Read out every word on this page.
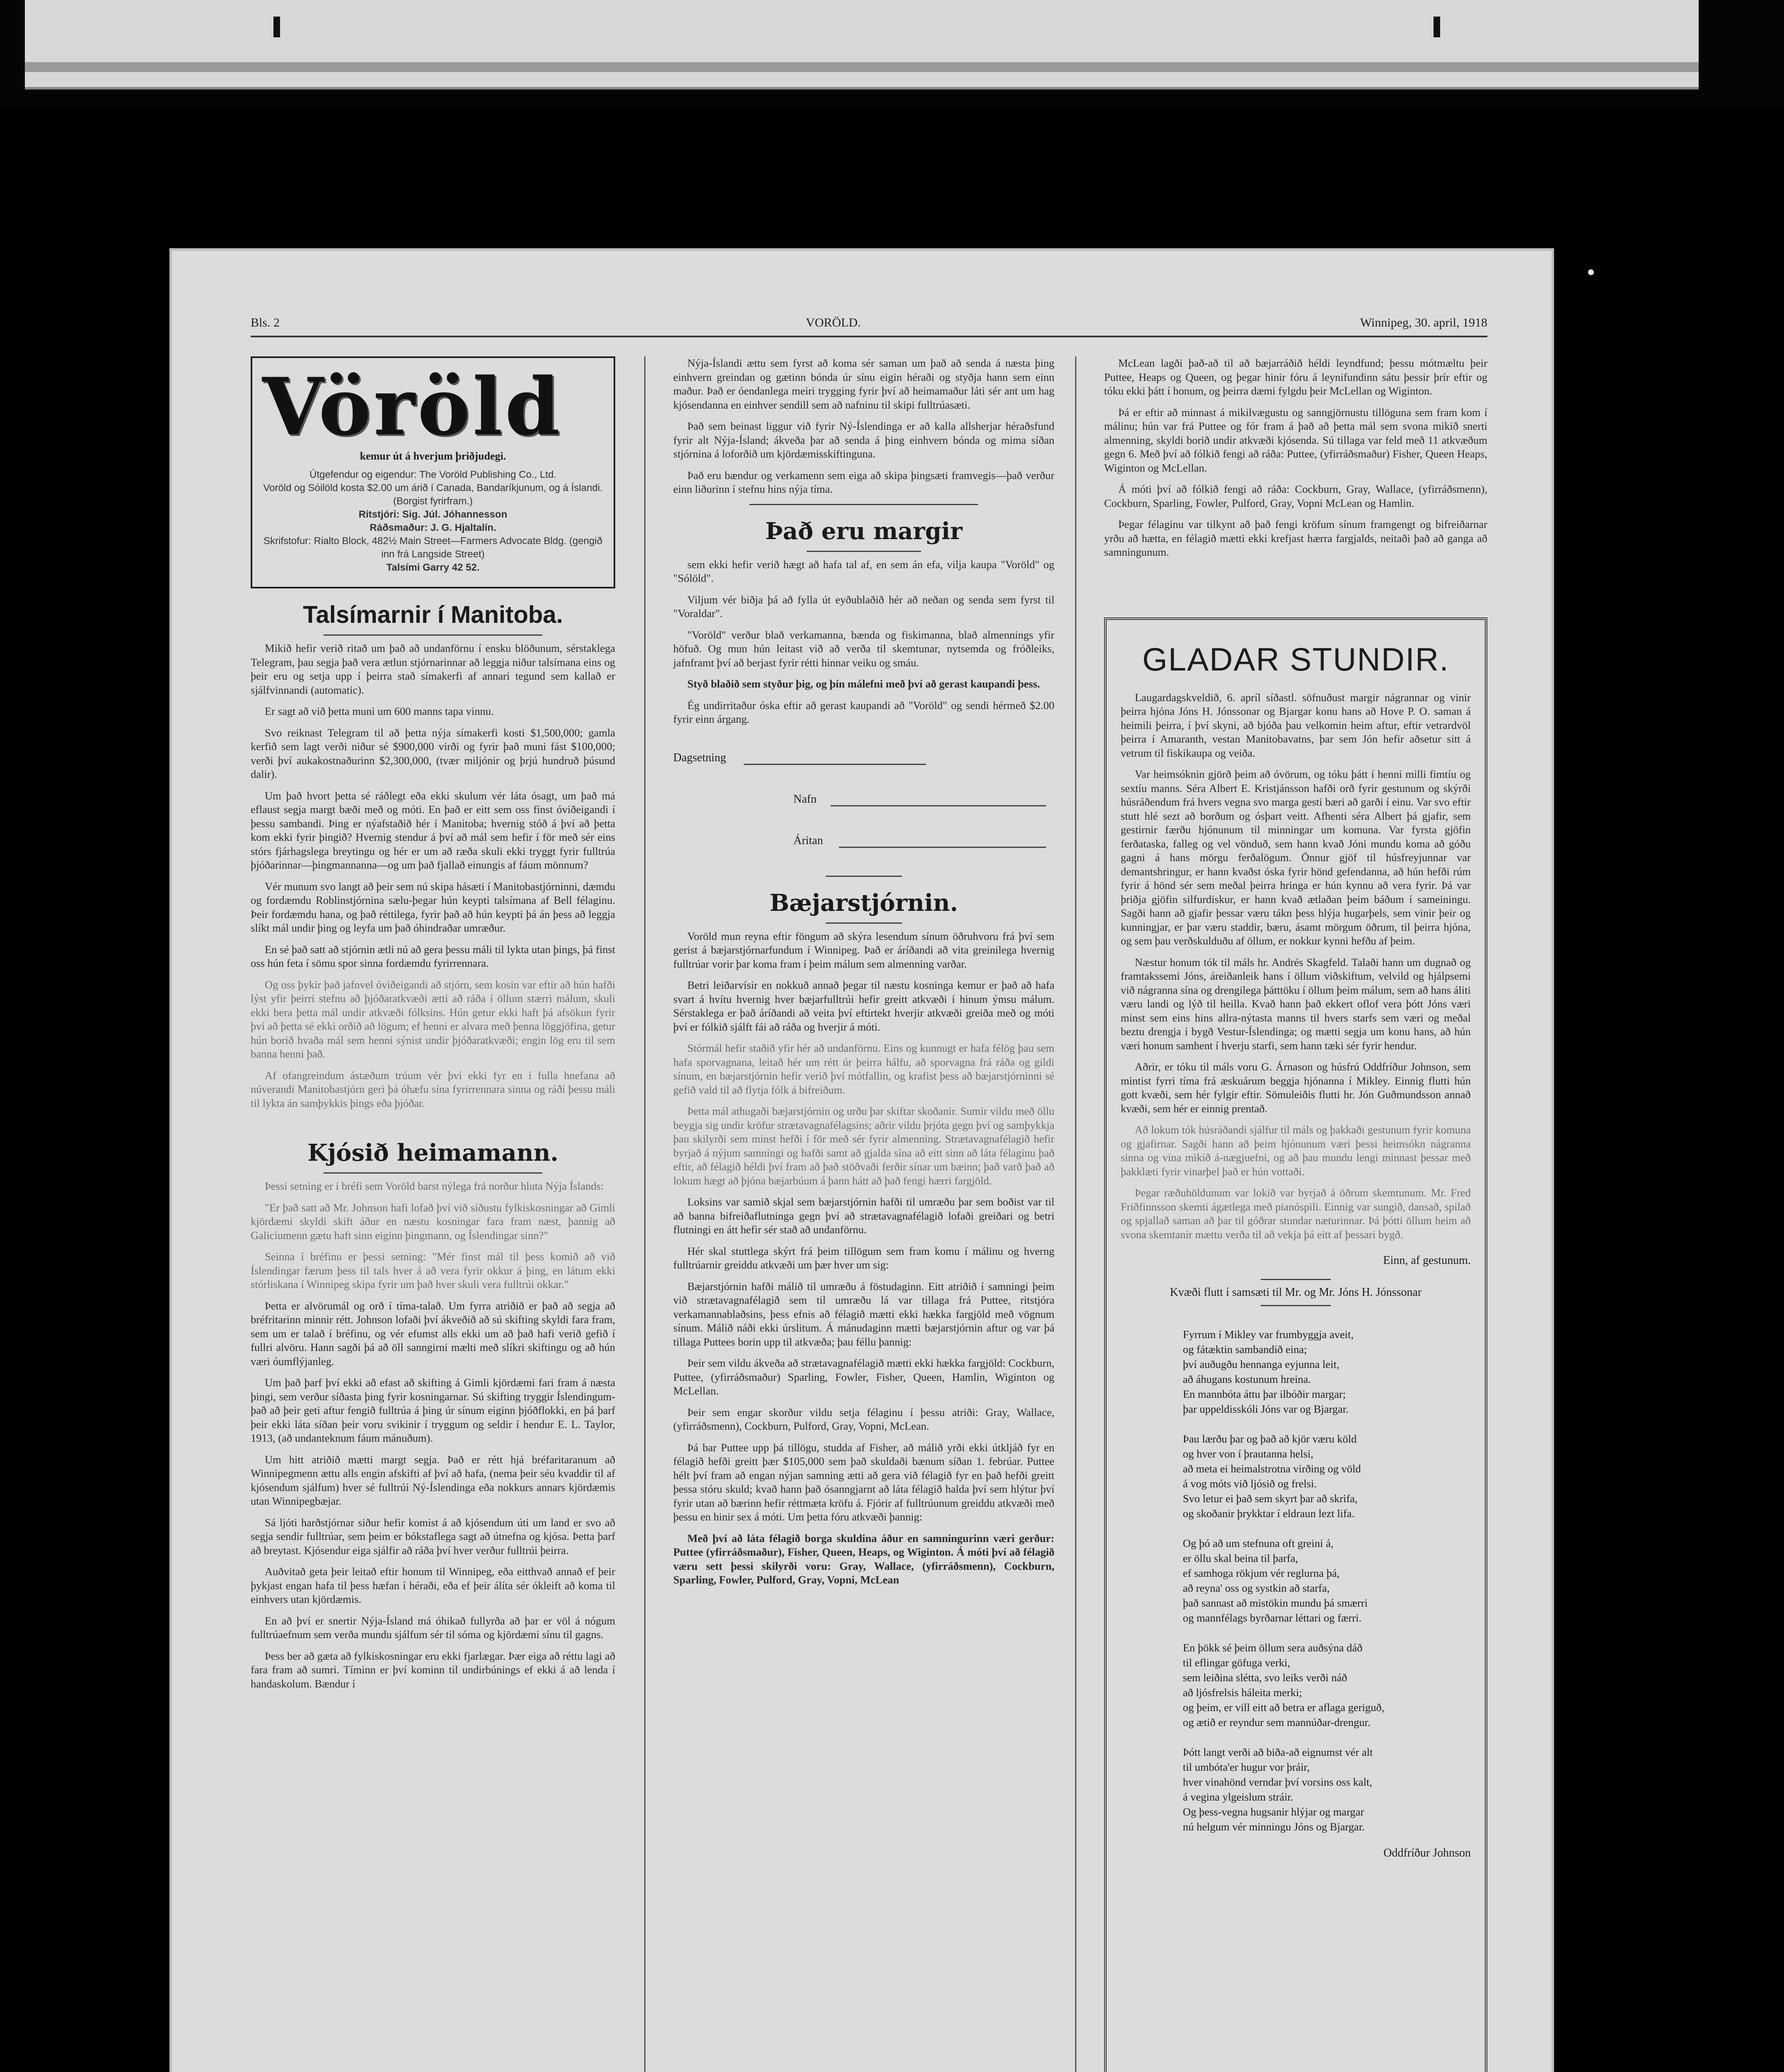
Bls. 2	VORÖLD.	Winnipeg, 30. april, 1918
Vöröld
kemur út á hverjum þriðjudegi.
Útgefendur og eigendur: The Voröld Publishing Co., Ltd.
Voröld og Sóilöld kosta $2.00 um árið í Canada, Bandaríkjunum, og á Íslandi. (Borgist fyrirfram.)
Ritstjóri: Sig. Júl. Jóhannesson
Ráðsmaður: J. G. Hjaltalín.
Skrifstofur: Rialto Block, 482½ Main Street—Farmers Advocate Bldg. (gengið inn frá Langside Street)
Talsími Garry 42 52.
Talsímarnir í Manitoba.

Mikið hefir verið ritað um það að undanförnu í ensku blöðunum, sérstaklega Telegram, þau segja það vera ætlun stjórnarinnar að leggja niður talsímana eins og þeir eru og setja upp í þeirra stað símakerfi af annari tegund sem kallað er sjálfvinnandi (automatic).

Er sagt að við þetta muni um 600 manns tapa vinnu.

Svo reiknast Telegram til að þetta nýja símakerfi kosti $1,500,000; gamla kerfið sem lagt verði niður sé $900,000 virði og fyrir það muni fást $100,000; verði því aukakostnaðurinn $2,300,000, (tvær miljónir og þrjú hundruð þúsund dalir).

Um það hvort þetta sé ráðlegt eða ekki skulum vér láta ósagt, um það má eflaust segja margt bæði með og móti. En það er eitt sem oss finst óviðeigandi í þessu sambandi. Þing er nýafstaðið hér í Manitoba; hvernig stóð á því að þetta kom ekki fyrir þingið? Hvernig stendur á því að mál sem hefir í för með sér eins stórs fjárhagslega breytingu og hér er um að ræða skuli ekki tryggt fyrir fulltrúa þjóðarinnar—þingmannanna—og um það fjallað einungis af fáum mönnum?

Vér munum svo langt að þeir sem nú skipa hásæti í Manitobastjórninni, dæmdu og fordæmdu Roblinstjórnina sælu-þegar hún keypti talsímana af Bell félaginu. Þeir fordæmdu hana, og það réttilega, fyrir það að hún keypti þá án þess að leggja slíkt mál undir þing og leyfa um það óhindraðar umræður.

En sé það satt að stjórnin ætli nú að gera þessu máli til lykta utan þings, þá finst oss hún feta í sömu spor sinna fordæmdu fyrirrennara.

Og oss þykir það jafnvel óviðeigandi að stjórn, sem kosin var eftir að hún hafði lýst yfir þeirri stefnu að þjóðaratkvæði ætti að ráða í öllum stærri málum, skuli ekki bera þetta mál undir atkvæði fólksins. Hún getur ekki haft þá afsökun fyrir því að þetta sé ekki orðið að lögum; ef henni er alvara með þenna löggjöfina, getur hún borið hvaða mál sem henni sýnist undir þjóðaratkvæði; engin lög eru til sem banna henni það.

Af ofangreindum ástæðum trúum vér því ekki fyr en í fulla hnefana að núverandi Manitobastjórn geri þá óhæfu sína fyrirrennara sinna og ráði þessu máli til lykta án samþykkis þings eða þjóðar.

Kjósið heimamann.

Þessi setning er í bréfi sem Voröld barst nýlega frá norður hluta Nýja Íslands:

"Er það satt að Mr. Johnson hafi lofað því við síðustu fylkiskosningar að Gimli kjördæmi skyldi skift áður en næstu kosningar fara fram næst, þannig að Galicíumenn gætu haft sinn eiginn þingmann, og Íslendingar sinn?"

Seinna í bréfinu er þessi setning: "Mér finst mál til þess komið að við Íslendingar færum þess til tals hver á að vera fyrir okkur á þing, en látum ekki stórliskana í Winnipeg skipa fyrir um það hver skuli vera fulltrúi okkar."

Þetta er alvörumál og orð í tíma-talað. Um fyrra atriðið er það að segja að bréfritarinn minnir rétt. Johnson lofaði því ákveðið að sú skifting skyldi fara fram, sem um er talað í bréfinu, og vér efumst alls ekki um að það hafi verið gefið í fullri alvöru. Hann sagði þá að öll sanngirni mælti með slíkri skiftingu og að hún væri óumflýjanleg.

Um það þarf því ekki að efast að skifting á Gimli kjördæmi fari fram á næsta þingi, sem verður síðasta þing fyrir kosningarnar. Sú skifting tryggir Íslendingum-það að þeir geti aftur fengið fulltrúa á þing úr sínum eiginn þjóðflokki, en þá þarf þeir ekki láta síðan þeir voru svikinir í tryggum og seldir í hendur E. L. Taylor, 1913, (að undanteknum fáum mánuðum).

Um hitt atriðið mætti margt segja. Það er rétt hjá bréfaritaranum að Winnipegmenn ættu alls engin afskifti af því að hafa, (nema þeir séu kvaddir til af kjósendum sjálfum) hver sé fulltrúi Ný-Íslendinga eða nokkurs annars kjördæmis utan Winnipegbæjar.

Sá ljóti harðstjórnar siður hefir komist á að kjósendum úti um land er svo að segja sendir fulltrúar, sem þeim er bókstaflega sagt að útnefna og kjósa. Þetta þarf að breytast. Kjósendur eiga sjálfir að ráða því hver verður fulltrúi þeirra.

Auðvitað geta þeir leitað eftir honum til Winnipeg, eða eitthvað annað ef þeir þykjast engan hafa til þess hæfan í héraði, eða ef þeir álíta sér ókleift að koma til einhvers utan kjördæmis.

En að því er snertir Nýja-Ísland má óhikað fullyrða að þar er völ á nógum fulltrúaefnum sem verða mundu sjálfum sér til sóma og kjördæmi sínu til gagns.

Þess ber að gæta að fylkiskosningar eru ekki fjarlægar. Þær eiga að réttu lagi að fara fram að sumri. Tíminn er því kominn til undirbúnings ef ekki á að lenda í handaskolum. Bændur í

Nýja-Íslandi ættu sem fyrst að koma sér saman um það að senda á næsta þing einhvern greindan og gætinn bónda úr sínu eigin héraði og styðja hann sem einn maður. Það er óendanlega meiri trygging fyrir því að heimamaður láti sér ant um hag kjósendanna en einhver sendill sem að nafninu til skipi fulltrúasæti.

Það sem beinast liggur við fyrir Ný-Íslendinga er að kalla allsherjar héraðsfund fyrir alt Nýja-Ísland; ákveða þar að senda á þing einhvern bónda og mima síðan stjórnina á loforðið um kjördæmisskiftinguna.

Það eru bændur og verkamenn sem eiga að skipa þingsæti framvegis—það verður einn liðurinn í stefnu hins nýja tíma.

Það eru margir

sem ekki hefir verið hægt að hafa tal af, en sem án efa, vilja kaupa "Voröld" og "Sólöld".

Viljum vér biðja þá að fylla út eyðublaðið hér að neðan og senda sem fyrst til "Voraldar".

"Voröld" verður blað verkamanna, bænda og fiskimanna, blað almennings yfir höfuð. Og mun hún leitast við að verða til skemtunar, nytsemda og fróðleiks, jafnframt því að berjast fyrir rétti hinnar veiku og smáu.

Styð blaðið sem styður þig, og þín málefni með því að gerast kaupandi þess.

Ég undirritaður óska eftir að gerast kaupandi að "Voröld" og sendi hérmeð $2.00 fyrir einn árgang.

Dagsetning
Nafn
Áritan
Bæjarstjórnin.

Voröld mun reyna eftir föngum að skýra lesendum sínum öðruhvoru frá því sem gerist á bæjarstjórnarfundum í Winnipeg. Það er áríðandi að vita greinilega hvernig fulltrúar vorir þar koma fram í þeim málum sem almenning varðar.

Betri leiðarvísir en nokkuð annað þegar til næstu kosninga kemur er það að hafa svart á hvítu hvernig hver bæjarfulltrúi hefir greitt atkvæði í hinum ýmsu málum. Sérstaklega er það áríðandi að veita því eftirtekt hverjir atkvæði greiða með og móti því er fólkið sjálft fái að ráða og hverjir á móti.

Stórmál hefir staðið yfir hér að undanförnu. Eins og kunnugt er hafa félög þau sem hafa sporvagnana, leitað hér um rétt úr þeirra hálfu, að sporvagna frá ráða og gildi sínum, en bæjarstjórnin hefir verið því mótfallin, og krafist þess að bæjarstjórninni sé gefið vald til að flytja fólk á bifreiðum.

Þetta mál athugaði bæjarstjórnin og urðu þar skiftar skoðanir. Sumir vildu með öllu beygja sig undir kröfur strætavagnafélagsins; aðrir vildu þrjóta gegn því og samþykkja þau skilyrði sem minst hefði í för með sér fyrir almenning. Strætavagnafélagið hefir byrjað á nýjum samningi og hafði samt að gjalda sína að eitt sinn að láta félaginu það eftir, að félagið héldi því fram að það stöðvaði ferðir sínar um bæinn; það varð það að lokum hægt að þjóna bæjarbúum á þann hátt að það fengi hærri fargjöld.

Loksins var samið skjal sem bæjarstjórnin hafði til umræðu þar sem boðist var til að banna bifreiðaflutninga gegn því að strætavagnafélagið lofaði greiðari og betri flutningi en átt hefir sér stað að undanförnu.

Hér skal stuttlega skýrt frá þeim tillögum sem fram komu í málinu og hverng fulltrúarnir greiddu atkvæði um þær hver um sig:

Bæjarstjórnin hafði málið til umræðu á föstudaginn. Eitt atriðið í samningi þeim við strætavagnafélagið sem til umræðu lá var tillaga frá Puttee, ritstjóra verkamannablaðsins, þess efnis að félagið mætti ekki hækka fargjöld með vögnum sínum. Málið náði ekki úrslitum. Á mánudaginn mætti bæjarstjórnin aftur og var þá tillaga Puttees borin upp til atkvæða; þau féllu þannig:

Þeir sem vildu ákveða að strætavagnafélagið mætti ekki hækka fargjöld: Cockburn, Puttee, (yfirráðsmaður) Sparling, Fowler, Fisher, Queen, Hamlin, Wiginton og McLellan.

Þeir sem engar skorður vildu setja félaginu í þessu atriði: Gray, Wallace, (yfirráðsmenn), Cockburn, Pulford, Gray, Vopni, McLean.

Þá bar Puttee upp þá tillögu, studda af Fisher, að málið yrði ekki útkljáð fyr en félagið hefði greitt þær $105,000 sem það skuldaði bænum síðan 1. febrúar. Puttee hélt því fram að engan nýjan samning ætti að gera við félagið fyr en það hefði greitt þessa stóru skuld; kvað hann það ósanngjarnt að láta félagið halda því sem hlýtur því fyrir utan að bærinn hefir réttmæta kröfu á. Fjórir af fulltrúunum greiddu atkvæði með þessu en hinir sex á móti. Um þetta fóru atkvæði þannig:

Með því að láta félagið borga skuldina áður en samningurinn væri gerður: Puttee (yfirráðsmaður), Fisher, Queen, Heaps, og Wiginton. Á móti því að félagið væru sett þessi skilyrði voru: Gray, Wallace, (yfirráðsmenn), Cockburn, Sparling, Fowler, Pulford, Gray, Vopni, McLean

McLean lagði það-að til að bæjarráðið héldi leyndfund; þessu mótmæltu þeir Puttee, Heaps og Queen, og þegar hinir fóru á leynifundinn sátu þessir þrír eftir og tóku ekki þátt í honum, og þeirra dæmi fylgdu þeir McLellan og Wiginton.

Þá er eftir að minnast á mikilvægustu og sanngjörnustu tillöguna sem fram kom í málinu; hún var frá Puttee og fór fram á það að þetta mál sem svona mikið snerti almenning, skyldi borið undir atkvæði kjósenda. Sú tillaga var feld með 11 atkvæðum gegn 6. Með því að fólkið fengi að ráða: Puttee, (yfirráðsmaður) Fisher, Queen Heaps, Wiginton og McLellan.

Á móti því að fólkið fengi að ráða: Cockburn, Gray, Wallace, (yfirráðsmenn), Cockburn, Sparling, Fowler, Pulford, Gray, Vopni McLean og Hamlin.

Þegar félaginu var tilkynt að það fengi kröfum sínum framgengt og bifreiðarnar yrðu að hætta, en félagið mætti ekki krefjast hærra fargjalds, neitaði það að ganga að samningunum.

GLADAR STUNDIR.

Laugardagskveldið, 6. apríl síðastl. söfnuðust margir nágrannar og vinir þeirra hjóna Jóns H. Jónssonar og Bjargar konu hans að Hove P. O. saman á heimili þeirra, í því skyni, að bjóða þau velkomin heim aftur, eftir vetrardvöl þeirra í Amaranth, vestan Manitobavatns, þar sem Jón hefir aðsetur sitt á vetrum til fiskikaupa og veiða.

Var heimsóknin gjörð þeim að óvörum, og tóku þátt í henni milli fimtíu og sextíu manns. Séra Albert E. Kristjánsson hafði orð fyrir gestunum og skýrði húsráðendum frá hvers vegna svo marga gesti bæri að garði í einu. Var svo eftir stutt hlé sezt að borðum og ósþart veitt. Afhenti séra Albert þá gjafir, sem gestirnir færðu hjónunum til minningar um komuna. Var fyrsta gjöfin ferðataska, falleg og vel vönduð, sem hann kvað Jóni mundu koma að góðu gagni á hans mörgu ferðalögum. Önnur gjöf til húsfreyjunnar var demantshringur, er hann kvaðst óska fyrir hönd gefendanna, að hún hefði rúm fyrir á hönd sér sem meðal þeirra hringa er hún kynnu að vera fyrir. Þá var þriðja gjöfin silfurdiskur, er hann kvað ætlaðan þeim báðum í sameiningu. Sagði hann að gjafir þessar væru tákn þess hlýja hugarþels, sem vinir þeir og kunningjar, er þar væru staddir, bæru, ásamt mörgum öðrum, til þeirra hjóna, og sem þau verðskulduðu af öllum, er nokkur kynni hefðu af þeim.

Næstur honum tók til máls hr. Andrés Skagfeld. Talaði hann um dugnað og framtakssemi Jóns, áreiðanleik hans í öllum viðskiftum, velvild og hjálpsemi við nágranna sína og drengilega þátttöku í öllum þeim málum, sem að hans áliti væru landi og lýð til heilla. Kvað hann það ekkert oflof vera þótt Jóns væri minst sem eins hins allra-nýtasta manns til hvers starfs sem væri og meðal beztu drengja í bygð Vestur-Íslendinga; og mætti segja um konu hans, að hún væri honum samhent í hverju starfi, sem hann tæki sér fyrir hendur.

Aðrir, er tóku til máls voru G. Árnason og húsfrú Oddfríður Johnson, sem mintist fyrri tíma frá æskuárum beggja hjónanna í Mikley. Einnig flutti hún gott kvæði, sem hér fylgir eftir. Sömuleiðis flutti hr. Jón Guðmundsson annað kvæði, sem hér er einnig prentað.

Að lokum tók húsráðandi sjálfur til máls og þakkaði gestunum fyrir komuna og gjafirnar. Sagði hann að þeim hjónunum væri þessi heimsókn nágranna sinna og vina mikið á-nægjuefni, og að þau mundu lengi minnast þessar með þakklæti fyrir vinarþel það er hún vottaði.

Þegar ræðuhöldunum var lokið var byrjað á öðrum skemtunum. Mr. Fred Friðfinnsson skemti ágætlega með pianóspili. Einnig var sungið, dansað, spilað og spjallað saman að þar til góðrar stundar næturinnar. Þá þótti öllum heim að svona skemtanir mættu verða til að vekja þá eitt af þessari bygð.

Einn, af gestunum.

Kvæði flutt í samsæti til Mr. og Mr. Jóns H. Jónssonar
Fyrrum í Mikley var frumbyggja aveit,
og fátæktin sambandið eina;
því auðugðu hennanga eyjunna leit,
að áhugans kostunum hreina.
En mannbóta áttu þar ilbóðir margar;
þar uppeldisskóli Jóns var og Bjargar.
Þau lærðu þar og það að kjör væru köld
og hver von í þrautanna helsi,
að meta ei heimalstrotna virðing og völd
á vog móts við ljósið og frelsi.
Svo letur ei það sem skyrt þar að skrifa,
og skoðanir þrykktar í eldraun lezt lifa.
Og þó að um stefnuna oft greini á,
er öllu skal beina til þarfa,
ef samhoga rökjum vér reglurna þá,
að reyna' oss og systkin að starfa,
það sannast að mistökin mundu þá smærri
og mannfélags byrðarnar léttari og færri.
En þökk sé þeim öllum sera auðsýna dáð
til eflingar göfuga verki,
sem leiðina slétta, svo leiks verði náð
að ljósfrelsis háleita merki;
og þeim, er vill eitt að betra er aflaga geriguð,
og ætið er reyndur sem mannúðar-drengur.
Þótt langt verði að biða-að eignumst vér alt
til umbóta'er hugur vor þráir,
hver vinahönd verndar því vorsins oss kalt,
á vegina ylgeislum stráir.
Og þess-vegna hugsanir hlýjar og margar
nú helgum vér minningu Jóns og Bjargar.
Oddfríður Johnson
